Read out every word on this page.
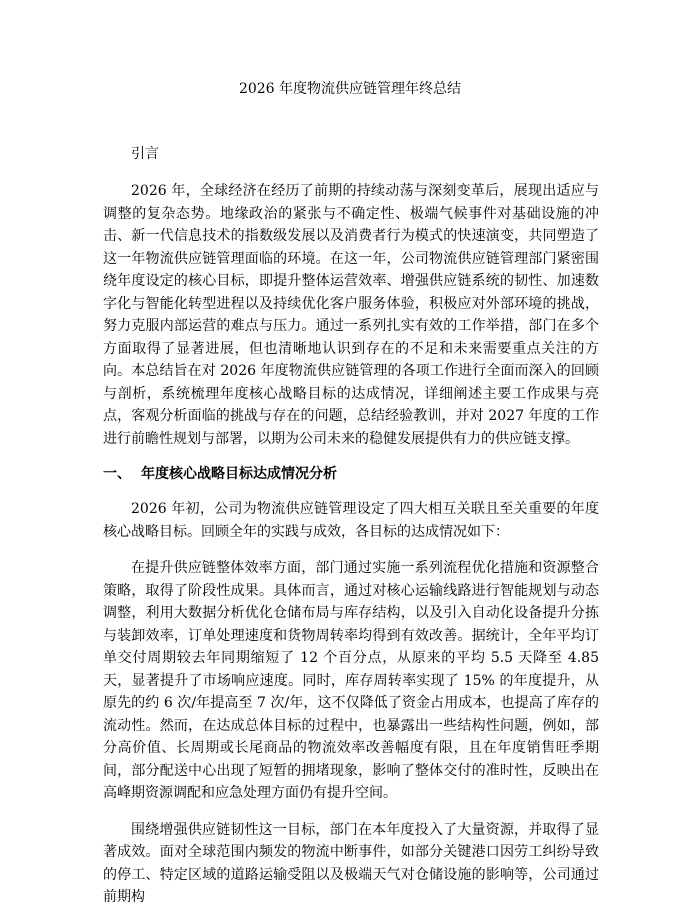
2026 年度物流供应链管理年终总结
引言

2026 年，全球经济在经历了前期的持续动荡与深刻变革后，展现出适应与调整的复杂态势。地缘政治的紧张与不确定性、极端气候事件对基础设施的冲击、新一代信息技术的指数级发展以及消费者行为模式的快速演变，共同塑造了这一年物流供应链管理面临的环境。在这一年，公司物流供应链管理部门紧密围绕年度设定的核心目标，即提升整体运营效率、增强供应链系统的韧性、加速数字化与智能化转型进程以及持续优化客户服务体验，积极应对外部环境的挑战，努力克服内部运营的难点与压力。通过一系列扎实有效的工作举措，部门在多个方面取得了显著进展，但也清晰地认识到存在的不足和未来需要重点关注的方向。本总结旨在对 2026 年度物流供应链管理的各项工作进行全面而深入的回顾与剖析，系统梳理年度核心战略目标的达成情况，详细阐述主要工作成果与亮点，客观分析面临的挑战与存在的问题，总结经验教训，并对 2027 年度的工作进行前瞻性规划与部署，以期为公司未来的稳健发展提供有力的供应链支撑。

一、 年度核心战略目标达成情况分析

2026 年初，公司为物流供应链管理设定了四大相互关联且至关重要的年度核心战略目标。回顾全年的实践与成效，各目标的达成情况如下：

在提升供应链整体效率方面，部门通过实施一系列流程优化措施和资源整合策略，取得了阶段性成果。具体而言，通过对核心运输线路进行智能规划与动态调整，利用大数据分析优化仓储布局与库存结构，以及引入自动化设备提升分拣与装卸效率，订单处理速度和货物周转率均得到有效改善。据统计，全年平均订单交付周期较去年同期缩短了 12 个百分点，从原来的平均 5.5 天降至 4.85 天，显著提升了市场响应速度。同时，库存周转率实现了 15% 的年度提升，从原先的约 6 次/年提高至 7 次/年，这不仅降低了资金占用成本，也提高了库存的流动性。然而，在达成总体目标的过程中，也暴露出一些结构性问题，例如，部分高价值、长周期或长尾商品的物流效率改善幅度有限，且在年度销售旺季期间，部分配送中心出现了短暂的拥堵现象，影响了整体交付的准时性，反映出在高峰期资源调配和应急处理方面仍有提升空间。

围绕增强供应链韧性这一目标，部门在本年度投入了大量资源，并取得了显著成效。面对全球范围内频发的物流中断事件，如部分关键港口因劳工纠纷导致的停工、特定区域的道路运输受阻以及极端天气对仓储设施的影响等，公司通过前期构
